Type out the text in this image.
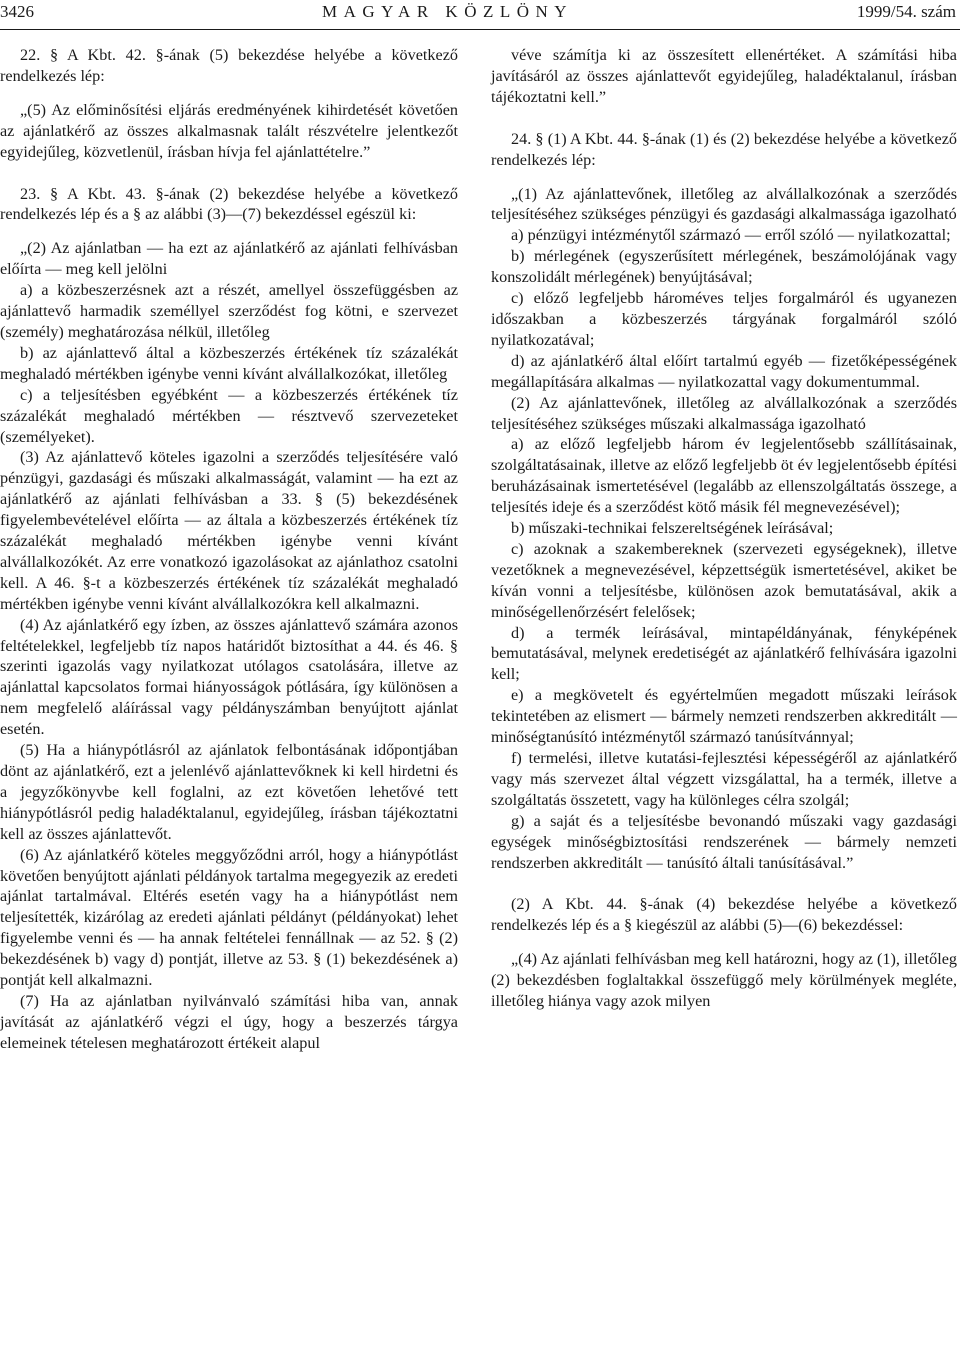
3426	MAGYAR KÖZLÖNY	1999/54. szám

22. § A Kbt. 42. §-ának (5) bekezdése helyébe a következő rendelkezés lép:

„(5) Az előminősítési eljárás eredményének kihirdetését követően az ajánlatkérő az összes alkalmasnak talált részvételre jelentkezőt egyidejűleg, közvetlenül, írásban hívja fel ajánlattételre.”

23. § A Kbt. 43. §-ának (2) bekezdése helyébe a következő rendelkezés lép és a § az alábbi (3)—(7) bekezdéssel egészül ki:

„(2) Az ajánlatban — ha ezt az ajánlatkérő az ajánlati felhívásban előírta — meg kell jelölni

a) a közbeszerzésnek azt a részét, amellyel összefüggésben az ajánlattevő harmadik személlyel szerződést fog kötni, e szervezet (személy) meghatározása nélkül, illetőleg

b) az ajánlattevő által a közbeszerzés értékének tíz százalékát meghaladó mértékben igénybe venni kívánt alvállalkozókat, illetőleg

c) a teljesítésben egyébként — a közbeszerzés értékének tíz százalékát meghaladó mértékben — résztvevő szervezeteket (személyeket).

(3) Az ajánlattevő köteles igazolni a szerződés teljesítésére való pénzügyi, gazdasági és műszaki alkalmasságát, valamint — ha ezt az ajánlatkérő az ajánlati felhívásban a 33. § (5) bekezdésének figyelembevételével előírta — az általa a közbeszerzés értékének tíz százalékát meghaladó mértékben igénybe venni kívánt alvállalkozókét. Az erre vonatkozó igazolásokat az ajánlathoz csatolni kell. A 46. §-t a közbeszerzés értékének tíz százalékát meghaladó mértékben igénybe venni kívánt alvállalkozókra kell alkalmazni.

(4) Az ajánlatkérő egy ízben, az összes ajánlattevő számára azonos feltételekkel, legfeljebb tíz napos határidőt biztosíthat a 44. és 46. § szerinti igazolás vagy nyilatkozat utólagos csatolására, illetve az ajánlattal kapcsolatos formai hiányosságok pótlására, így különösen a nem megfelelő aláírással vagy példányszámban benyújtott ajánlat esetén.

(5) Ha a hiánypótlásról az ajánlatok felbontásának időpontjában dönt az ajánlatkérő, ezt a jelenlévő ajánlattevőknek ki kell hirdetni és a jegyzőkönyvbe kell foglalni, az ezt követően lehetővé tett hiánypótlásról pedig haladéktalanul, egyidejűleg, írásban tájékoztatni kell az összes ajánlattevőt.

(6) Az ajánlatkérő köteles meggyőződni arról, hogy a hiánypótlást követően benyújtott ajánlati példányok tartalma megegyezik az eredeti ajánlat tartalmával. Eltérés esetén vagy ha a hiánypótlást nem teljesítették, kizárólag az eredeti ajánlati példányt (példányokat) lehet figyelembe venni és — ha annak feltételei fennállnak — az 52. § (2) bekezdésének b) vagy d) pontját, illetve az 53. § (1) bekezdésének a) pontját kell alkalmazni.

(7) Ha az ajánlatban nyilvánvaló számítási hiba van, annak javítását az ajánlatkérő végzi el úgy, hogy a beszerzés tárgya elemeinek tételesen meghatározott értékeit alapul

véve számítja ki az összesített ellenértéket. A számítási hiba javításáról az összes ajánlattevőt egyidejűleg, haladéktalanul, írásban tájékoztatni kell.”

24. § (1) A Kbt. 44. §-ának (1) és (2) bekezdése helyébe a következő rendelkezés lép:

„(1) Az ajánlattevőnek, illetőleg az alvállalkozónak a szerződés teljesítéséhez szükséges pénzügyi és gazdasági alkalmassága igazolható

a) pénzügyi intézménytől származó — erről szóló — nyilatkozattal;

b) mérlegének (egyszerűsített mérlegének, beszámolójának vagy konszolidált mérlegének) benyújtásával;

c) előző legfeljebb hároméves teljes forgalmáról és ugyanezen időszakban a közbeszerzés tárgyának forgalmáról szóló nyilatkozatával;

d) az ajánlatkérő által előírt tartalmú egyéb — fizetőképességének megállapítására alkalmas — nyilatkozattal vagy dokumentummal.

(2) Az ajánlattevőnek, illetőleg az alvállalkozónak a szerződés teljesítéséhez szükséges műszaki alkalmassága igazolható

a) az előző legfeljebb három év legjelentősebb szállításainak, szolgáltatásainak, illetve az előző legfeljebb öt év legjelentősebb építési beruházásainak ismertetésével (legalább az ellenszolgáltatás összege, a teljesítés ideje és a szerződést kötő másik fél megnevezésével);

b) műszaki-technikai felszereltségének leírásával;

c) azoknak a szakembereknek (szervezeti egységeknek), illetve vezetőknek a megnevezésével, képzettségük ismertetésével, akiket be kíván vonni a teljesítésbe, különösen azok bemutatásával, akik a minőségellenőrzésért felelősek;

d) a termék leírásával, mintapéldányának, fényképének bemutatásával, melynek eredetiségét az ajánlatkérő felhívására igazolni kell;

e) a megkövetelt és egyértelműen megadott műszaki leírások tekintetében az elismert — bármely nemzeti rendszerben akkreditált — minőségtanúsító intézménytől származó tanúsítvánnyal;

f) termelési, illetve kutatási-fejlesztési képességéről az ajánlatkérő vagy más szervezet által végzett vizsgálattal, ha a termék, illetve a szolgáltatás összetett, vagy ha különleges célra szolgál;

g) a saját és a teljesítésbe bevonandó műszaki vagy gazdasági egységek minőségbiztosítási rendszerének — bármely nemzeti rendszerben akkreditált — tanúsító általi tanúsításával.”

(2) A Kbt. 44. §-ának (4) bekezdése helyébe a következő rendelkezés lép és a § kiegészül az alábbi (5)—(6) bekezdéssel:

„(4) Az ajánlati felhívásban meg kell határozni, hogy az (1), illetőleg (2) bekezdésben foglaltakkal összefüggő mely körülmények meglétе, illetőleg hiánya vagy azok milyen
